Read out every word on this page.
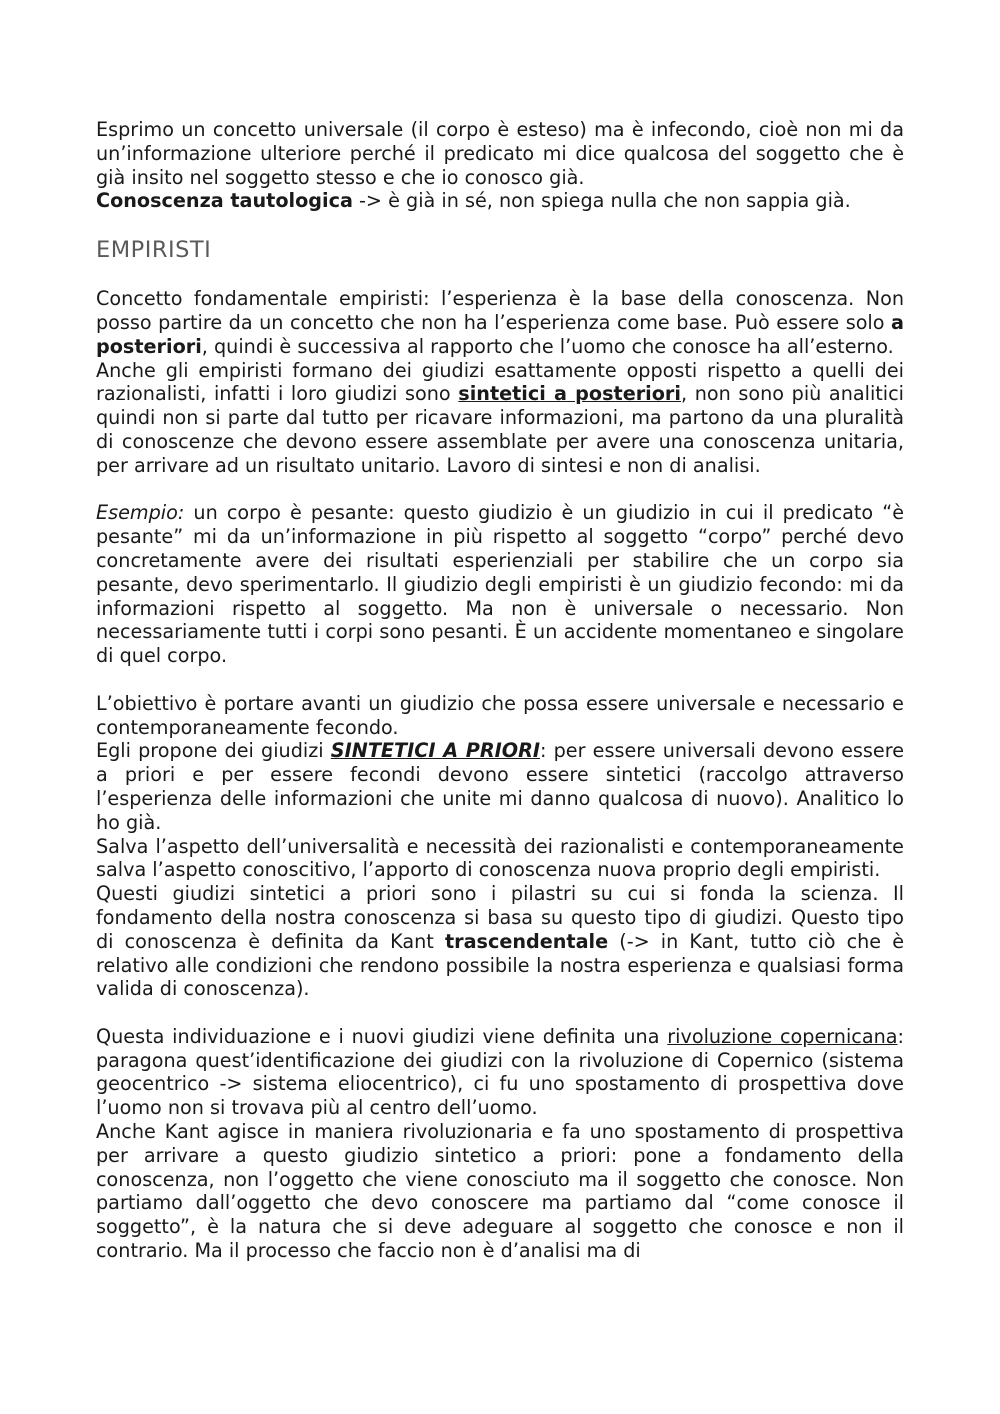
Esprimo un concetto universale (il corpo è esteso) ma è infecondo, cioè non mi da un’informazione ulteriore perché il predicato mi dice qualcosa del soggetto che è già insito nel soggetto stesso e che io conosco già.

Conoscenza tautologica -> è già in sé, non spiega nulla che non sappia già.

EMPIRISTI

Concetto fondamentale empiristi: l’esperienza è la base della conoscenza. Non posso partire da un concetto che non ha l’esperienza come base. Può essere solo a posteriori, quindi è successiva al rapporto che l’uomo che conosce ha all’esterno.

Anche gli empiristi formano dei giudizi esattamente opposti rispetto a quelli dei razionalisti, infatti i loro giudizi sono sintetici a posteriori, non sono più analitici quindi non si parte dal tutto per ricavare informazioni, ma partono da una pluralità di conoscenze che devono essere assemblate per avere una conoscenza unitaria, per arrivare ad un risultato unitario. Lavoro di sintesi e non di analisi.

Esempio: un corpo è pesante: questo giudizio è un giudizio in cui il predicato “è pesante” mi da un’informazione in più rispetto al soggetto “corpo” perché devo concretamente avere dei risultati esperienziali per stabilire che un corpo sia pesante, devo sperimentarlo. Il giudizio degli empiristi è un giudizio fecondo: mi da informazioni rispetto al soggetto. Ma non è universale o necessario. Non necessariamente tutti i corpi sono pesanti. È un accidente momentaneo e singolare di quel corpo.

L’obiettivo è portare avanti un giudizio che possa essere universale e necessario e contemporaneamente fecondo.

Egli propone dei giudizi SINTETICI A PRIORI: per essere universali devono essere a priori e per essere fecondi devono essere sintetici (raccolgo attraverso l’esperienza delle informazioni che unite mi danno qualcosa di nuovo). Analitico lo ho già.

Salva l’aspetto dell’universalità e necessità dei razionalisti e contemporaneamente salva l’aspetto conoscitivo, l’apporto di conoscenza nuova proprio degli empiristi.

Questi giudizi sintetici a priori sono i pilastri su cui si fonda la scienza. Il fondamento della nostra conoscenza si basa su questo tipo di giudizi. Questo tipo di conoscenza è definita da Kant trascendentale (-> in Kant, tutto ciò che è relativo alle condizioni che rendono possibile la nostra esperienza e qualsiasi forma valida di conoscenza).

Questa individuazione e i nuovi giudizi viene definita una rivoluzione copernicana: paragona quest’identificazione dei giudizi con la rivoluzione di Copernico (sistema geocentrico -> sistema eliocentrico), ci fu uno spostamento di prospettiva dove l’uomo non si trovava più al centro dell’uomo.

Anche Kant agisce in maniera rivoluzionaria e fa uno spostamento di prospettiva per arrivare a questo giudizio sintetico a priori: pone a fondamento della conoscenza, non l’oggetto che viene conosciuto ma il soggetto che conosce. Non partiamo dall’oggetto che devo conoscere ma partiamo dal “come conosce il soggetto”, è la natura che si deve adeguare al soggetto che conosce e non il contrario. Ma il processo che faccio non è d’analisi ma di
